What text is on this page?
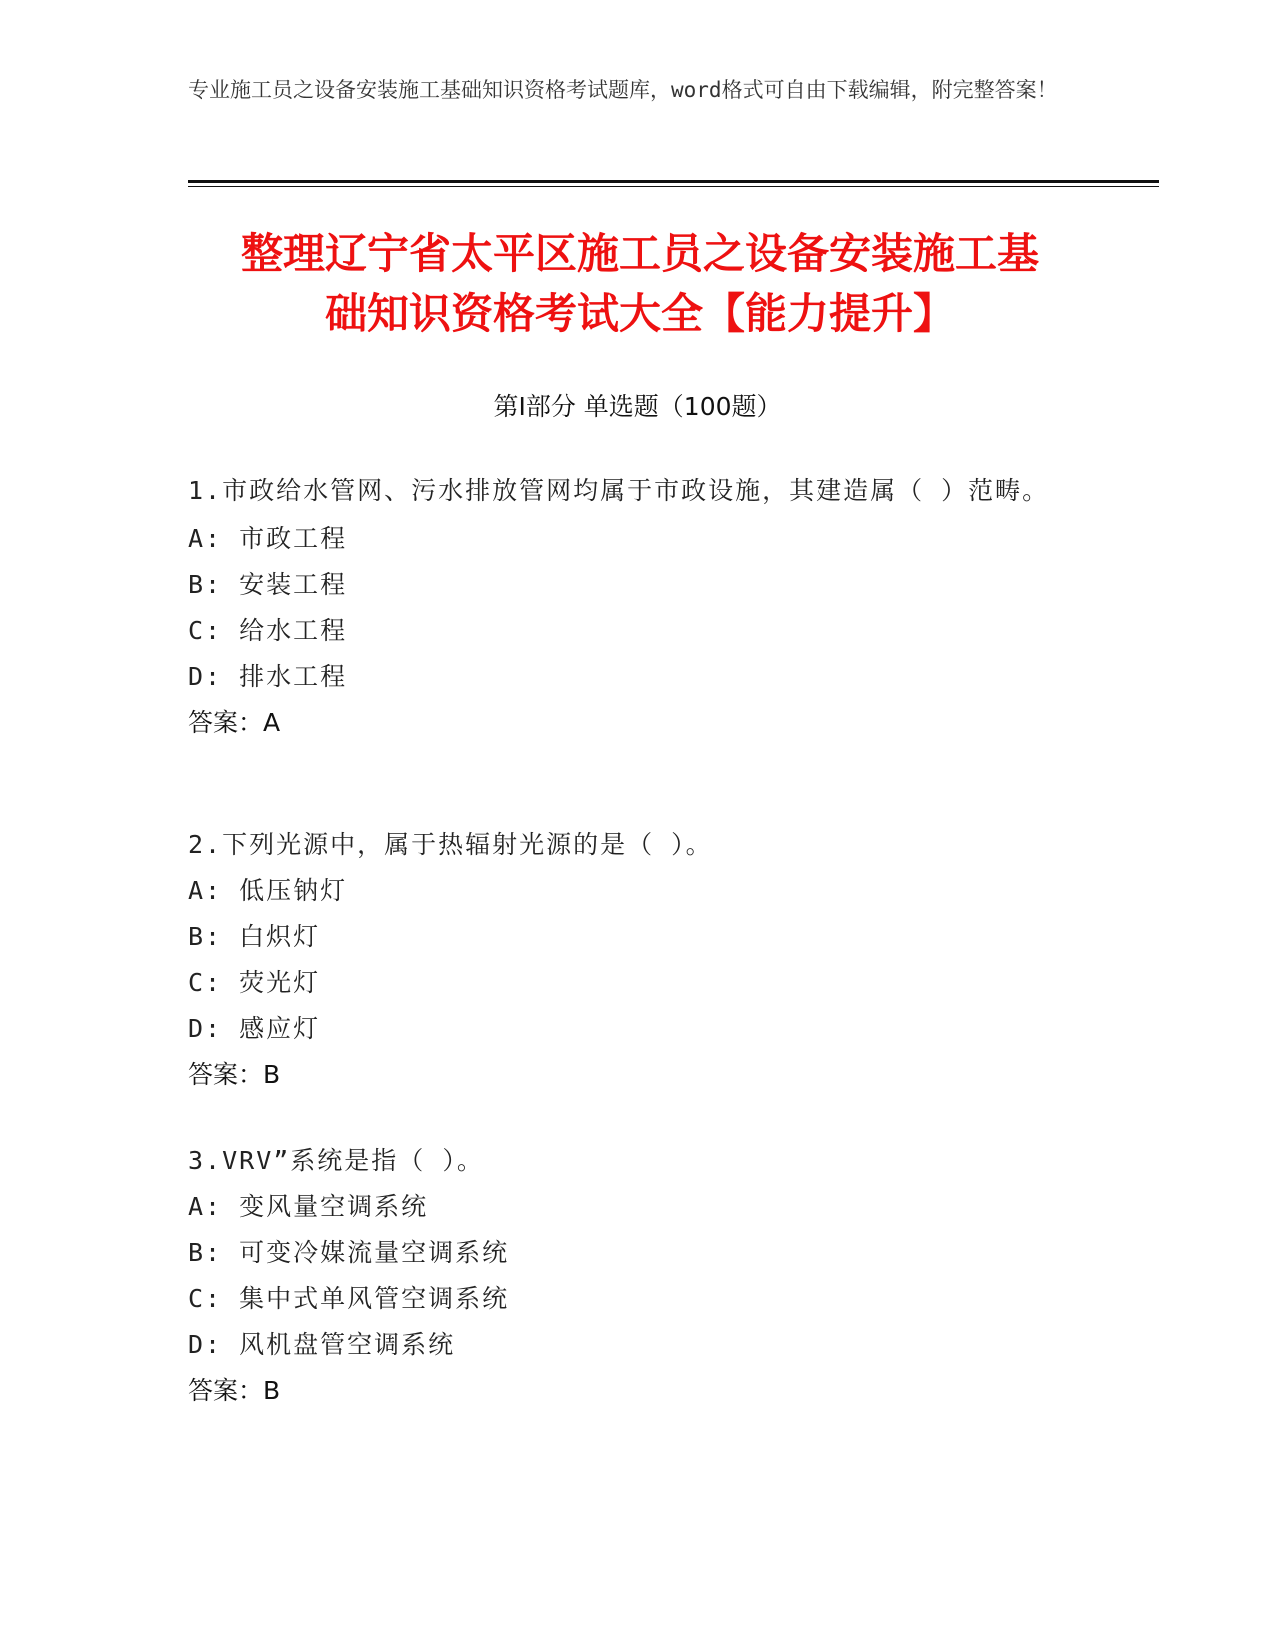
专业施工员之设备安装施工基础知识资格考试题库，word格式可自由下载编辑，附完整答案！
整理辽宁省太平区施工员之设备安装施工基
础知识资格考试大全【能力提升】
第Ⅰ部分 单选题（100题）
1.市政给水管网、污水排放管网均属于市政设施，其建造属（ ）范畴。
A: 市政工程
B: 安装工程
C: 给水工程
D: 排水工程
答案：A
2.下列光源中，属于热辐射光源的是（ ）。
A: 低压钠灯
B: 白炽灯
C: 荧光灯
D: 感应灯
答案：B
3.VRV”系统是指（ ）。
A: 变风量空调系统
B: 可变冷媒流量空调系统
C: 集中式单风管空调系统
D: 风机盘管空调系统
答案：B
